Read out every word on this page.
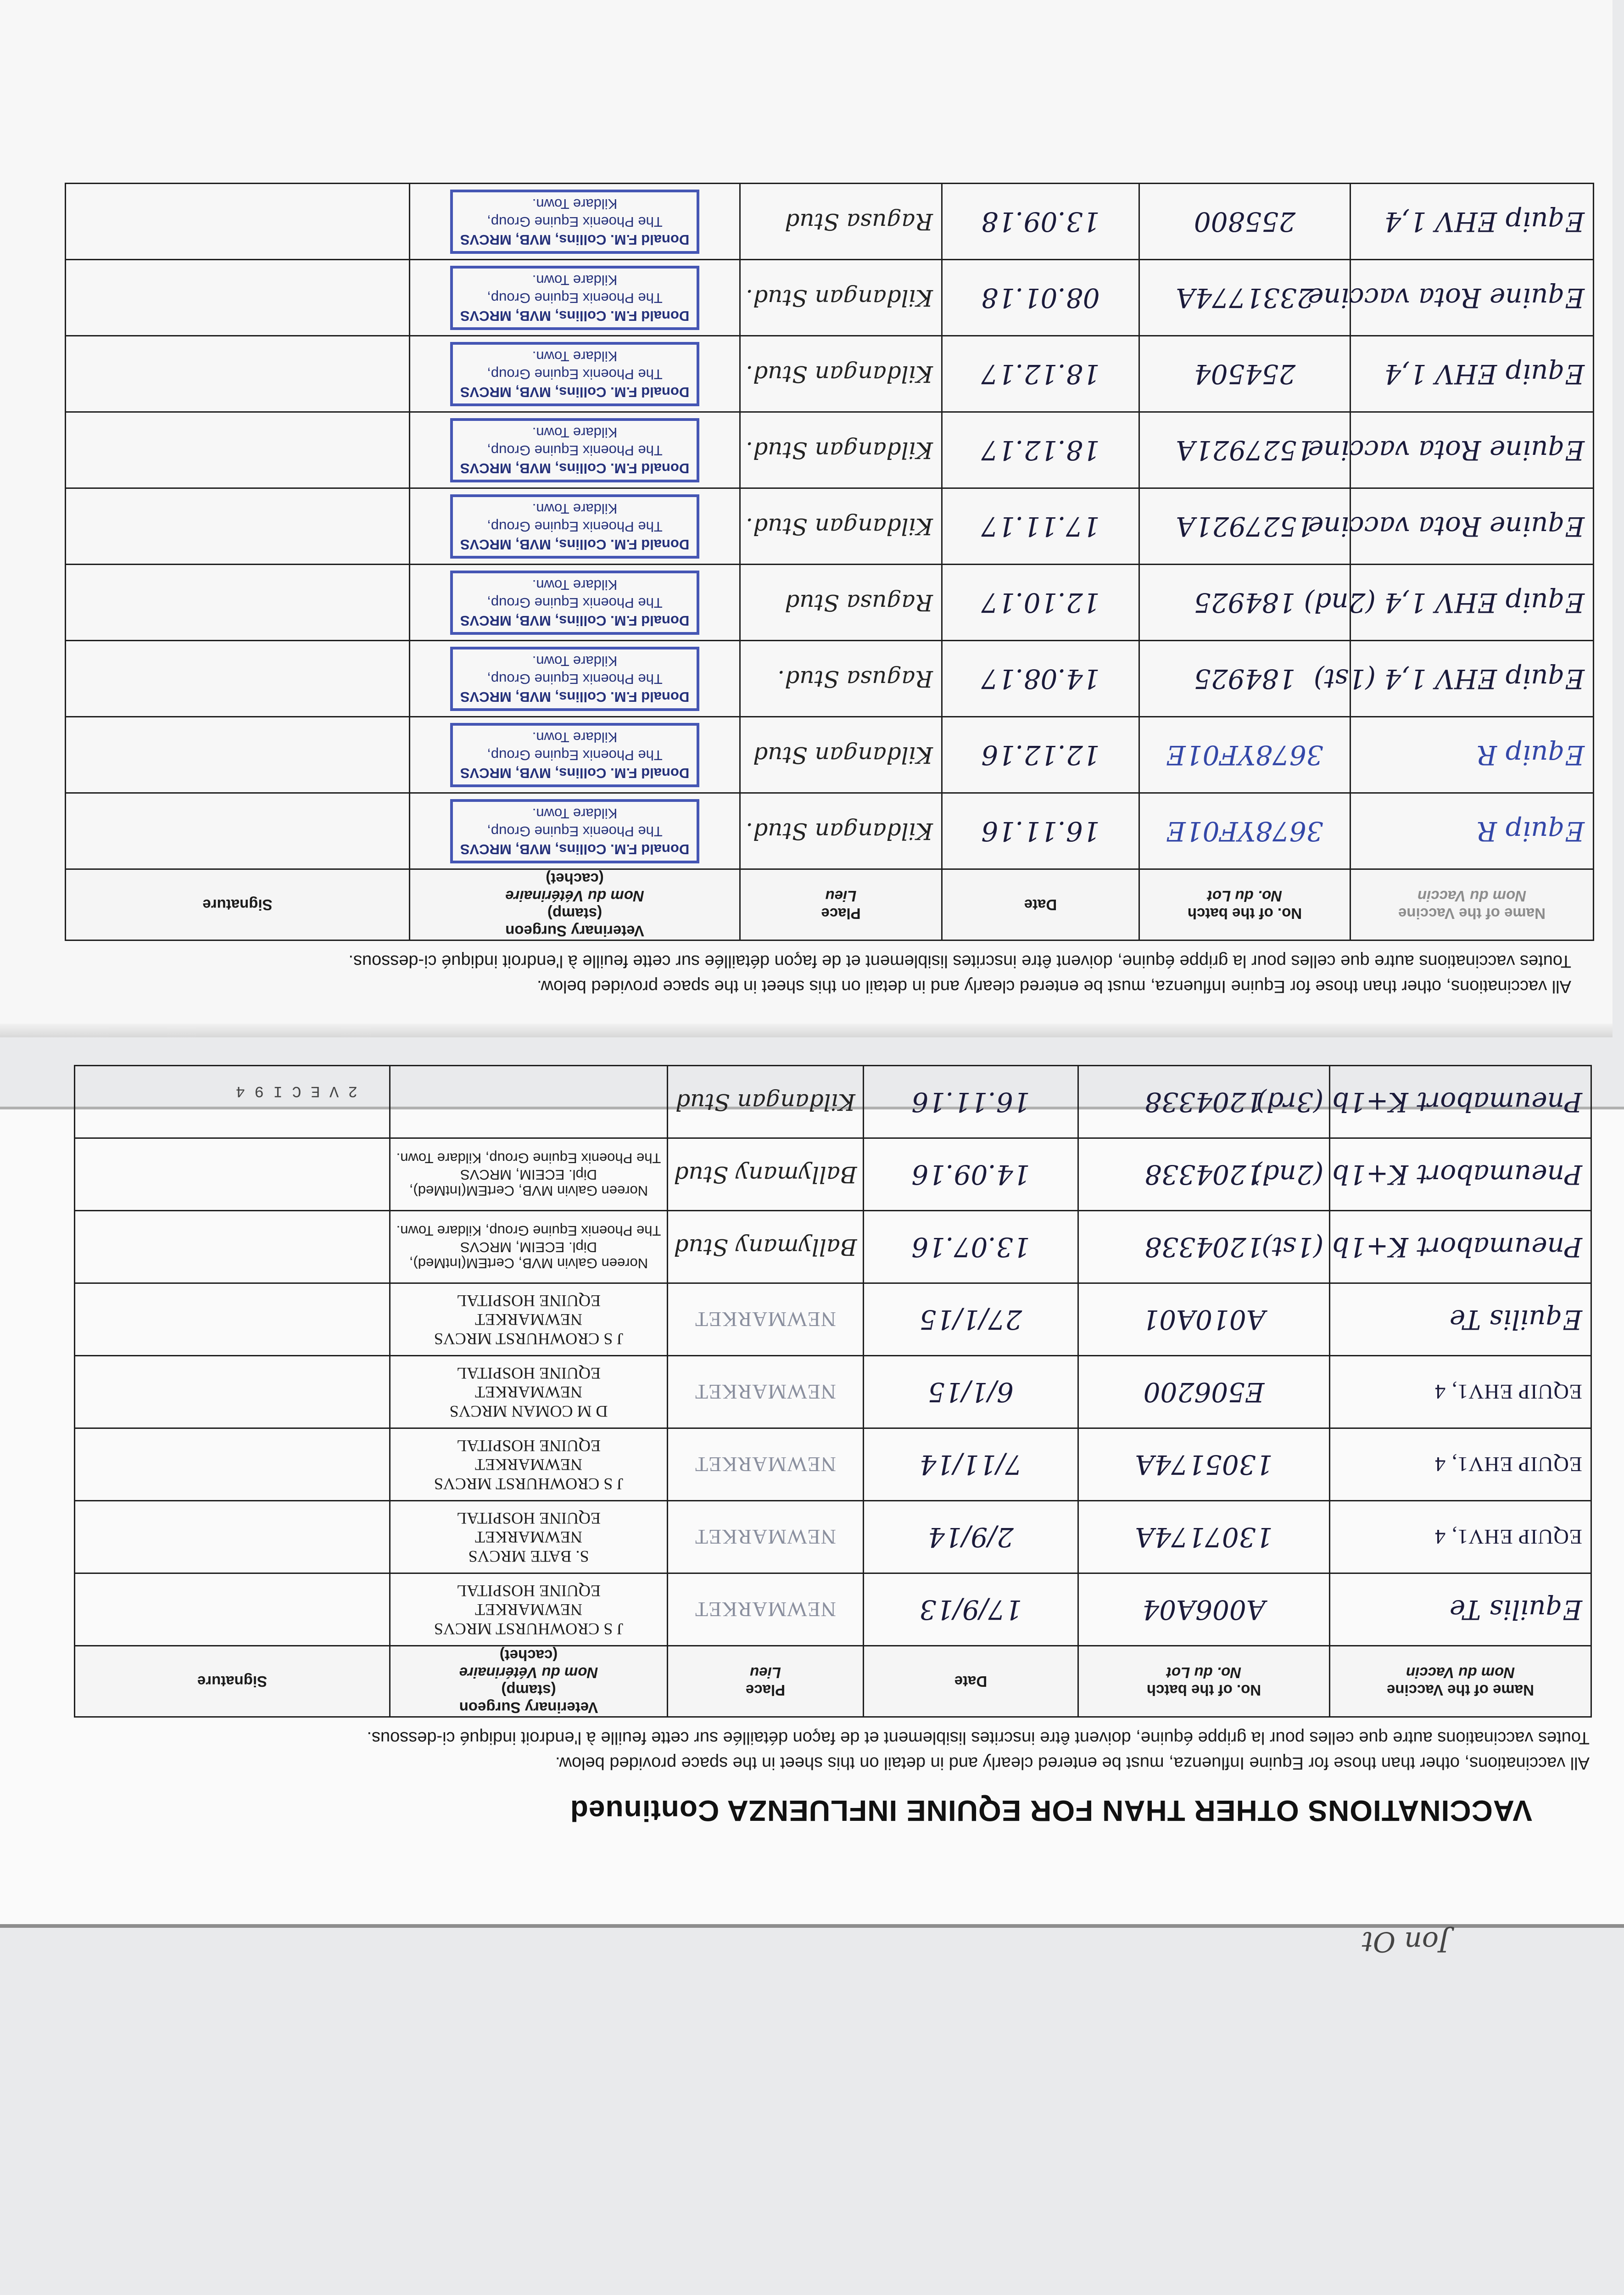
VACCINATIONS OTHER THAN FOR EQUINE INFLUENZA Continued
All vaccinations, other than those for Equine Influenza, must be entered clearly and in detail on this sheet in the space provided below.
Toutes vaccinations autre que celles pour la grippe équine, doivent être inscrites lisiblement et de façon détaillée sur cette feuille à l'endroit indiqué ci-dessous.
Name of the Vaccine
Nom du Vaccin	No. of the batch
No. du Lot	Date	Place
Lieu	Veterinary Surgeon
(stamp)
Nom du Vétérinaire
(cachet)	Signature

Equilis Te	A006A04	17/9/13	NEWMARKET	J S CROWHURST MRCVS
NEWMARKET
EQUINE HOSPITAL

EQUIP EHV1, 4	1307174A	2/9/14	NEWMARKET	S. BATE MRCVS
NEWMARKET
EQUINE HOSPITAL

EQUIP EHV1, 4	1305174A	7/11/14	NEWMARKET	J S CROWHURST MRCVS
NEWMARKET
EQUINE HOSPITAL

EQUIP EHV1, 4	E506200	6/1/15	NEWMARKET	D M COMAN MRCVS
NEWMARKET
EQUINE HOSPITAL

Equilis Te	A010A01	27/1/15	NEWMARKET	J S CROWHURST MRCVS
NEWMARKET
EQUINE HOSPITAL

Pneumabort K+1b (1st)	1204338	13.07.16	Ballymany Stud	Noreen Galvin MVB, CertEM(IntMed),
Dipl. ECEIM, MRCVS
The Phoenix Equine Group, Kildare Town.

Pneumabort K+1b (2nd)	1204338	14.09.16	Ballymany Stud	Noreen Galvin MVB, CertEM(IntMed),
Dipl. ECEIM, MRCVS
The Phoenix Equine Group, Kildare Town.

Pneumabort K+1b (3rd)	1204338	16.11.16	Kildangan Stud		

All vaccinations, other than those for Equine Influenza, must be entered clearly and in detail on this sheet in the space provided below.
Toutes vaccinations autre que celles pour la grippe équine, doivent être inscrites lisiblement et de façon détaillée sur cette feuille à l'endroit indiqué ci-dessous.
Name of the Vaccine
Nom du Vaccin	No. of the batch
No. du Lot	Date	Place
Lieu	Veterinary Surgeon
(stamp)
Nom du Vétérinaire
(cachet)	Signature

Equip R	3678YF01E	16.11.16	Kildangan Stud.	Donald F.M. Collins, MVB, MRCVS
The Phoenix Equine Group,
Kildare Town.

Equip R	3678YF01E	12.12.16	Kildangan Stud	Donald F.M. Collins, MVB, MRCVS
The Phoenix Equine Group,
Kildare Town.

Equip EHV 1,4 (1st)	184925	14.08.17	Ragusa Stud.	Donald F.M. Collins, MVB, MRCVS
The Phoenix Equine Group,
Kildare Town.

Equip EHV 1,4 (2nd)	184925	12.10.17	Ragusa Stud	Donald F.M. Collins, MVB, MRCVS
The Phoenix Equine Group,
Kildare Town.

Equine Rota vaccine	1527921A	17.11.17	Kildangan Stud.	Donald F.M. Collins, MVB, MRCVS
The Phoenix Equine Group,
Kildare Town.

Equine Rota vaccine	1527921A	18.12.17	Kildangan Stud.	Donald F.M. Collins, MVB, MRCVS
The Phoenix Equine Group,
Kildare Town.

Equip EHV 1,4	254504	18.12.17	Kildangan Stud.	Donald F.M. Collins, MVB, MRCVS
The Phoenix Equine Group,
Kildare Town.

Equine Rota vaccine	2331774A	08.01.18	Kildangan Stud.	Donald F.M. Collins, MVB, MRCVS
The Phoenix Equine Group,
Kildare Town.

Equip EHV 1,4	255800	13.09.18	Ragusa Stud	Donald F.M. Collins, MVB, MRCVS
The Phoenix Equine Group,
Kildare Town.

2 V E C I 9 4
Jon Ot
